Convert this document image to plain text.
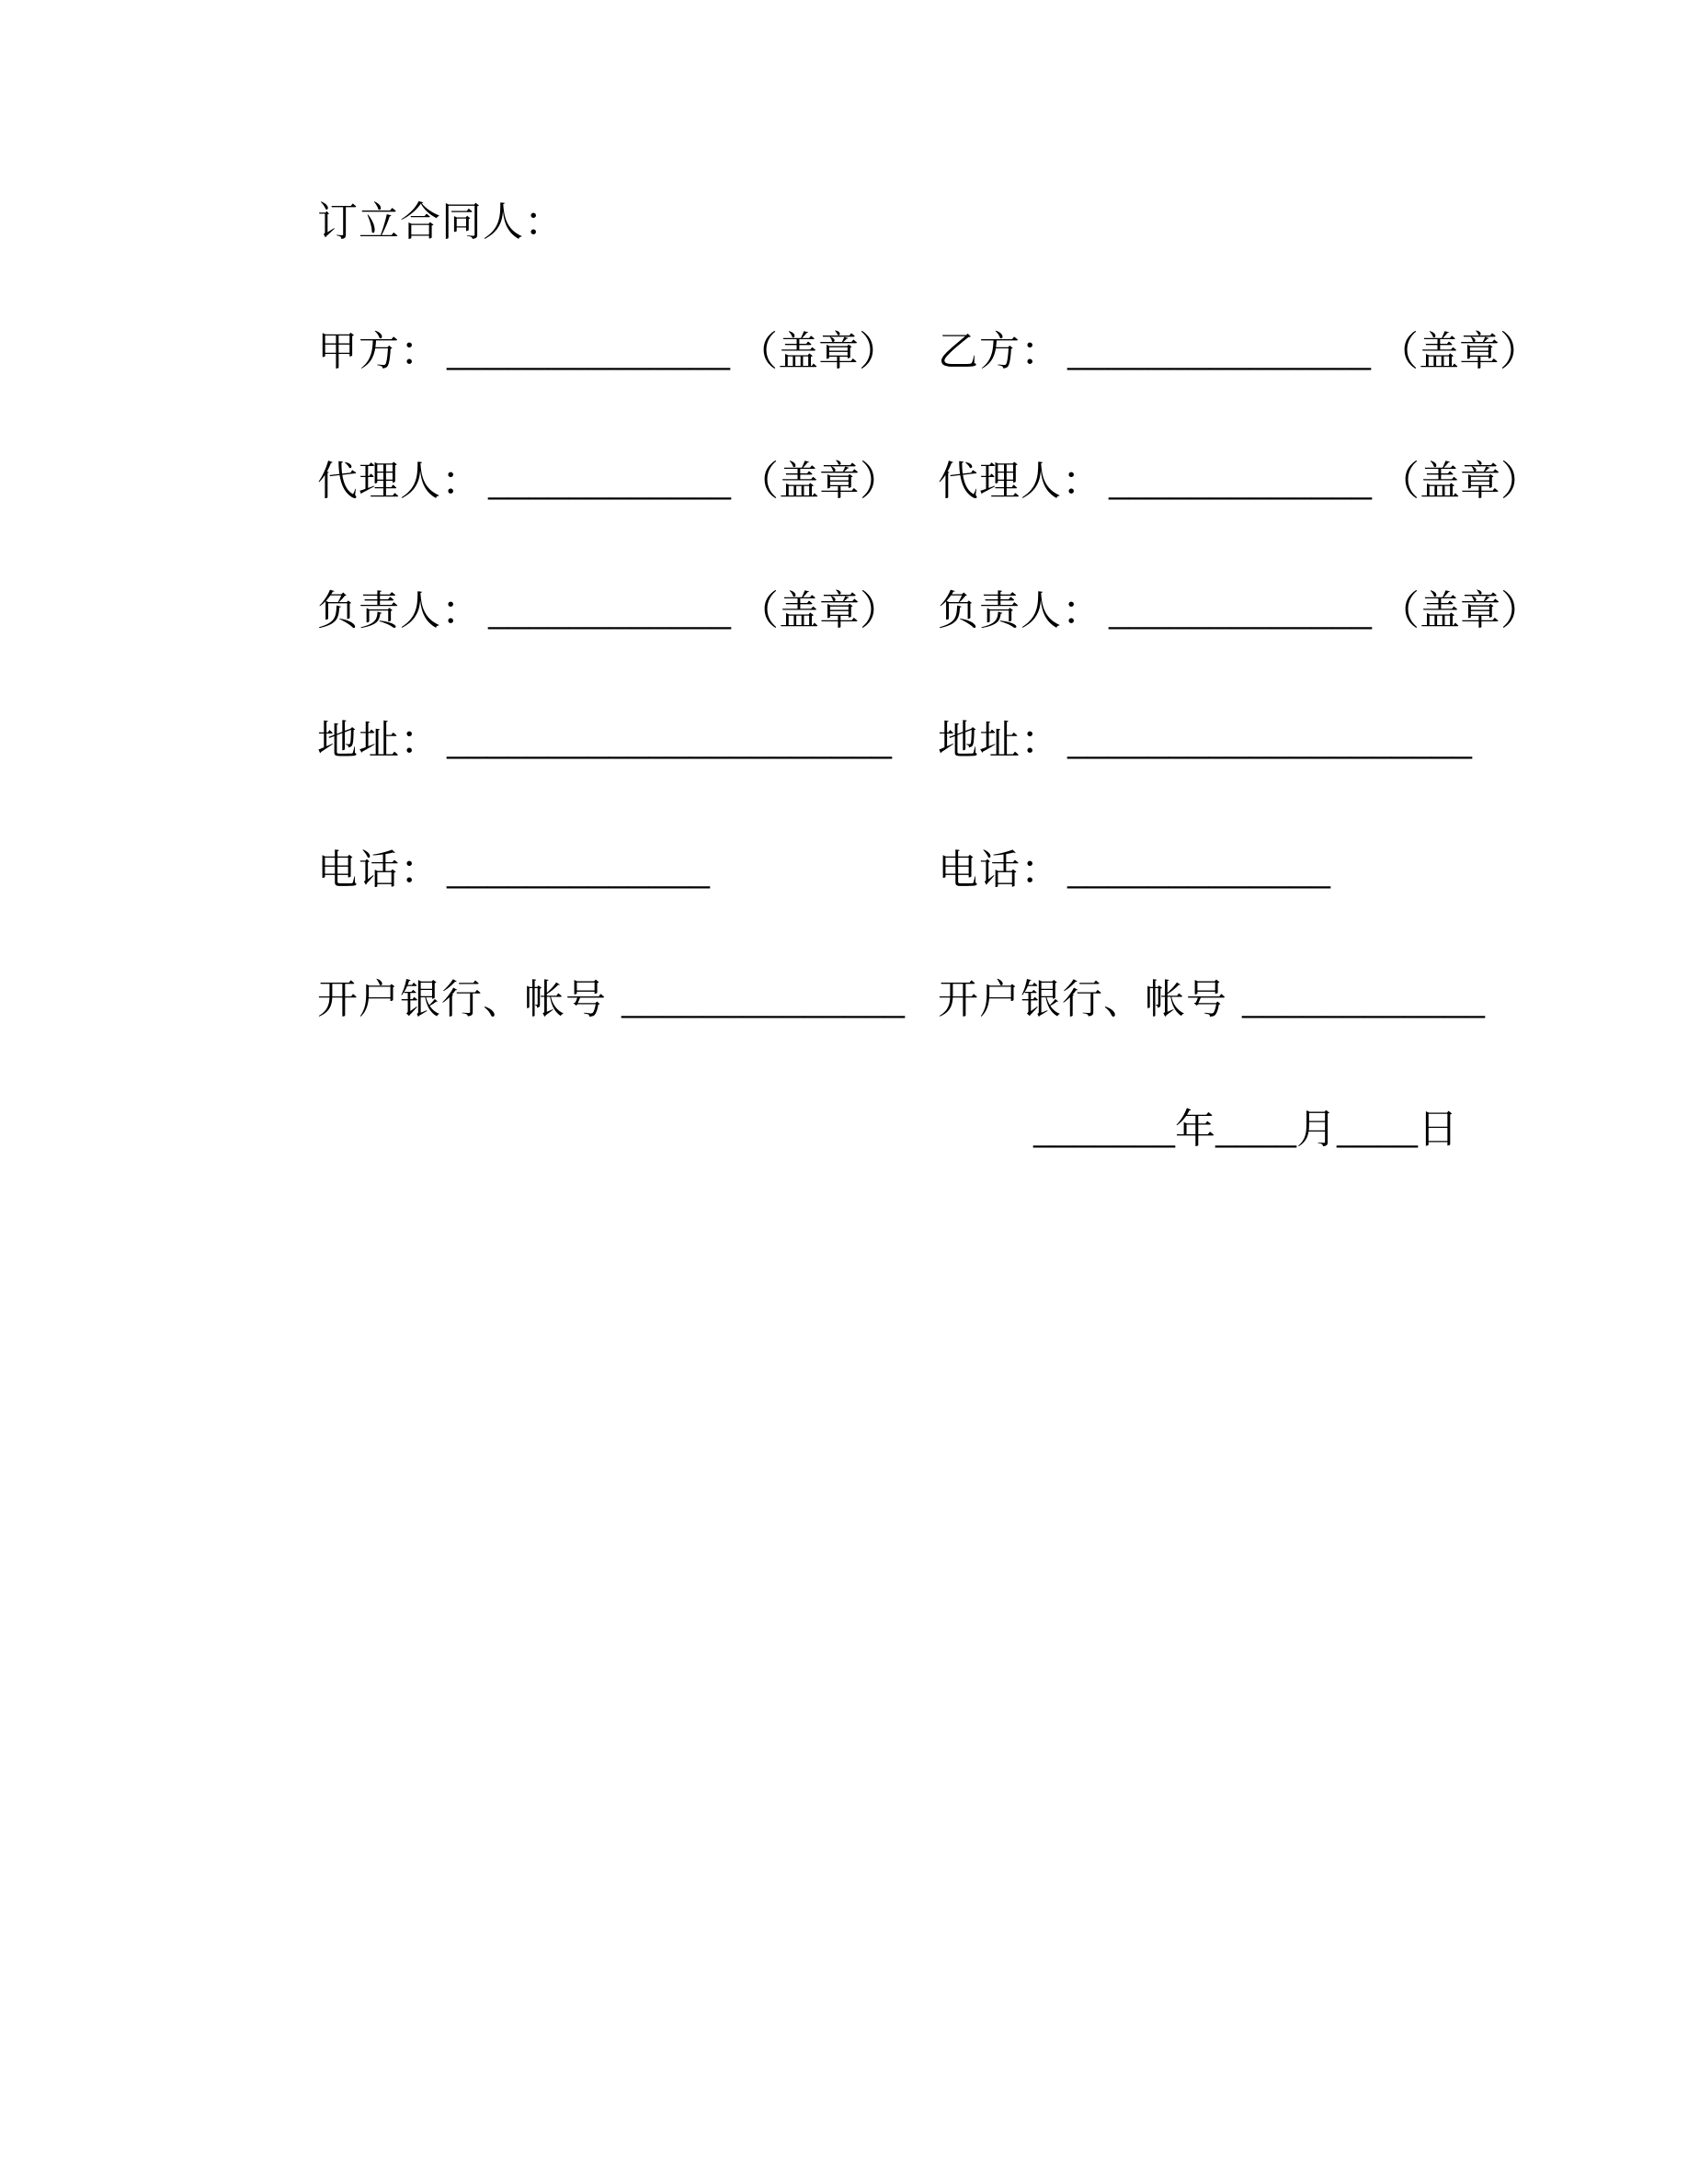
订立合同人：
甲方： ______________ （盖章） 乙方： _______________ （盖章）
代理人： ____________ （盖章） 代理人： _____________ （盖章）
负责人： ____________ （盖章） 负责人： _____________ （盖章）
地址： ______________________ 地址： ____________________
电话： _____________	电话： _____________
开户银行、帐号 ______________ 开户银行、帐号 ____________
_______年____月____日
